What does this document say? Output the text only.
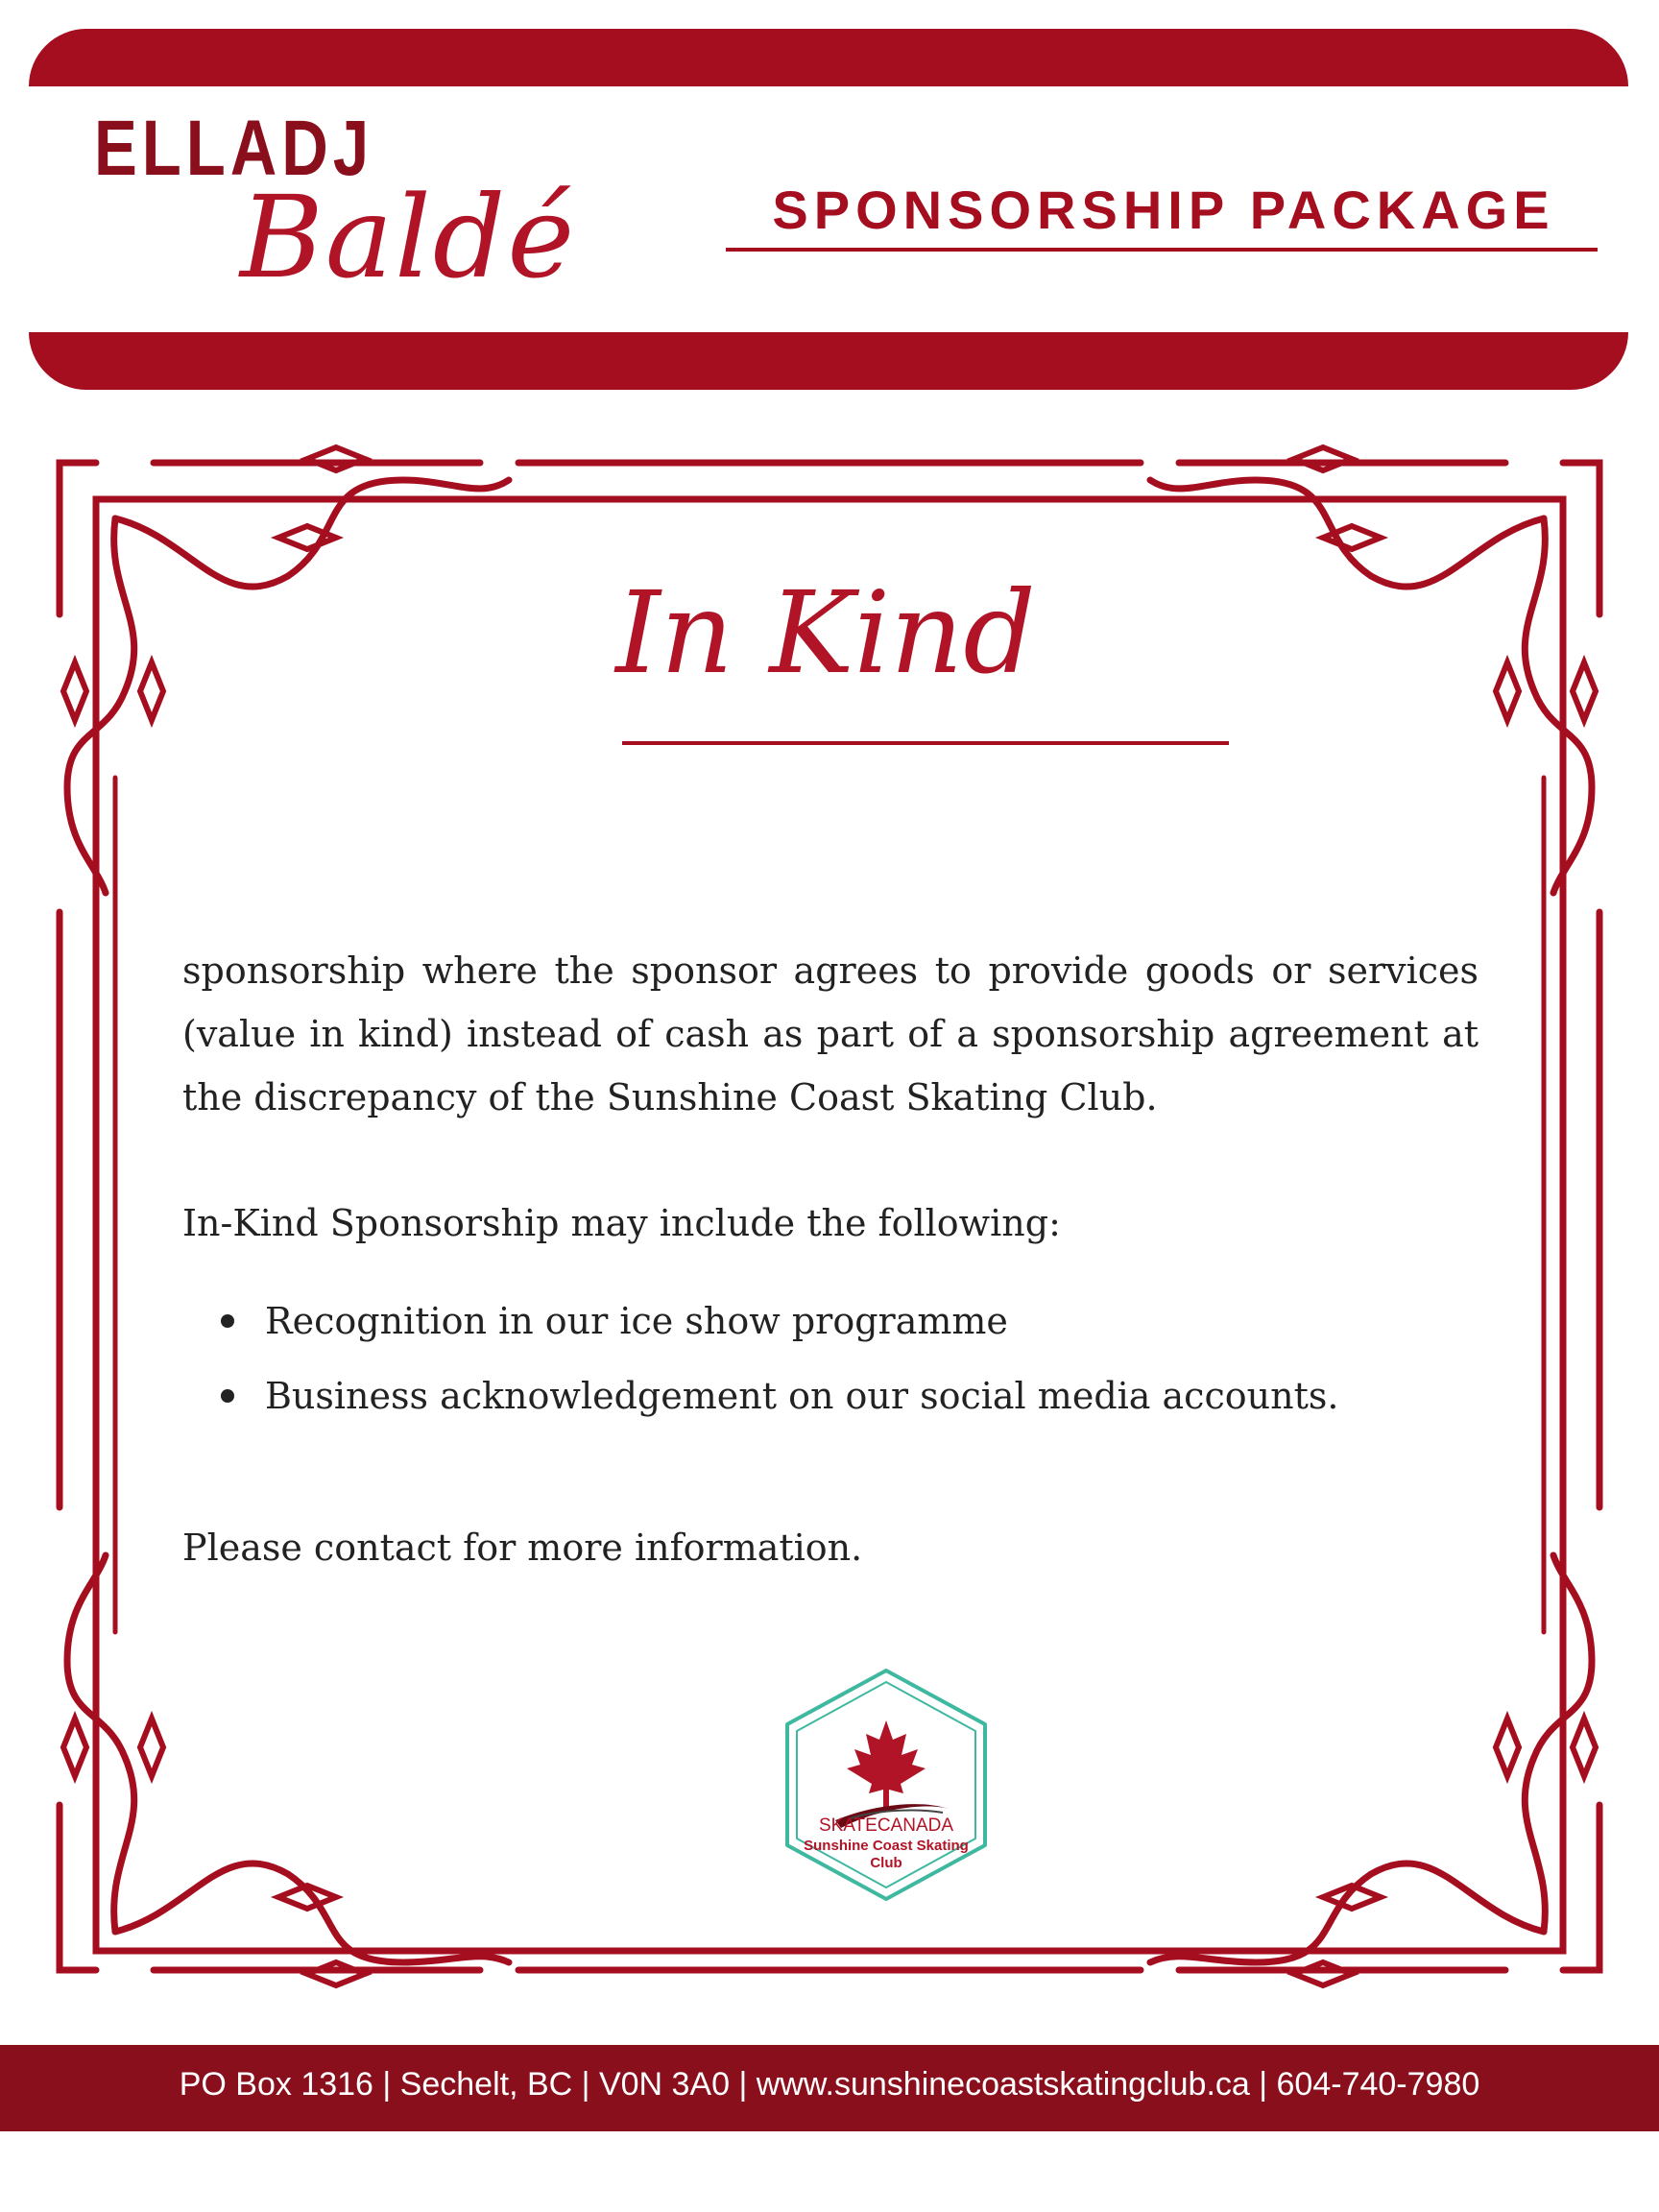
ELLADJ
Baldé	SPONSORSHIP PACKAGE
In Kind
sponsorship where the sponsor agrees to provide goods or services (value in kind) instead of cash as part of a sponsorship agreement at the discrepancy of the Sunshine Coast Skating Club.
In-Kind Sponsorship may include the following:
Recognition in our ice show programme
Business acknowledgement on our social media accounts.
Please contact for more information.
SKATECANADA
Sunshine Coast Skating Club
PO Box 1316 | Sechelt, BC | V0N 3A0 | www.sunshinecoastskatingclub.ca | 604-740-7980
